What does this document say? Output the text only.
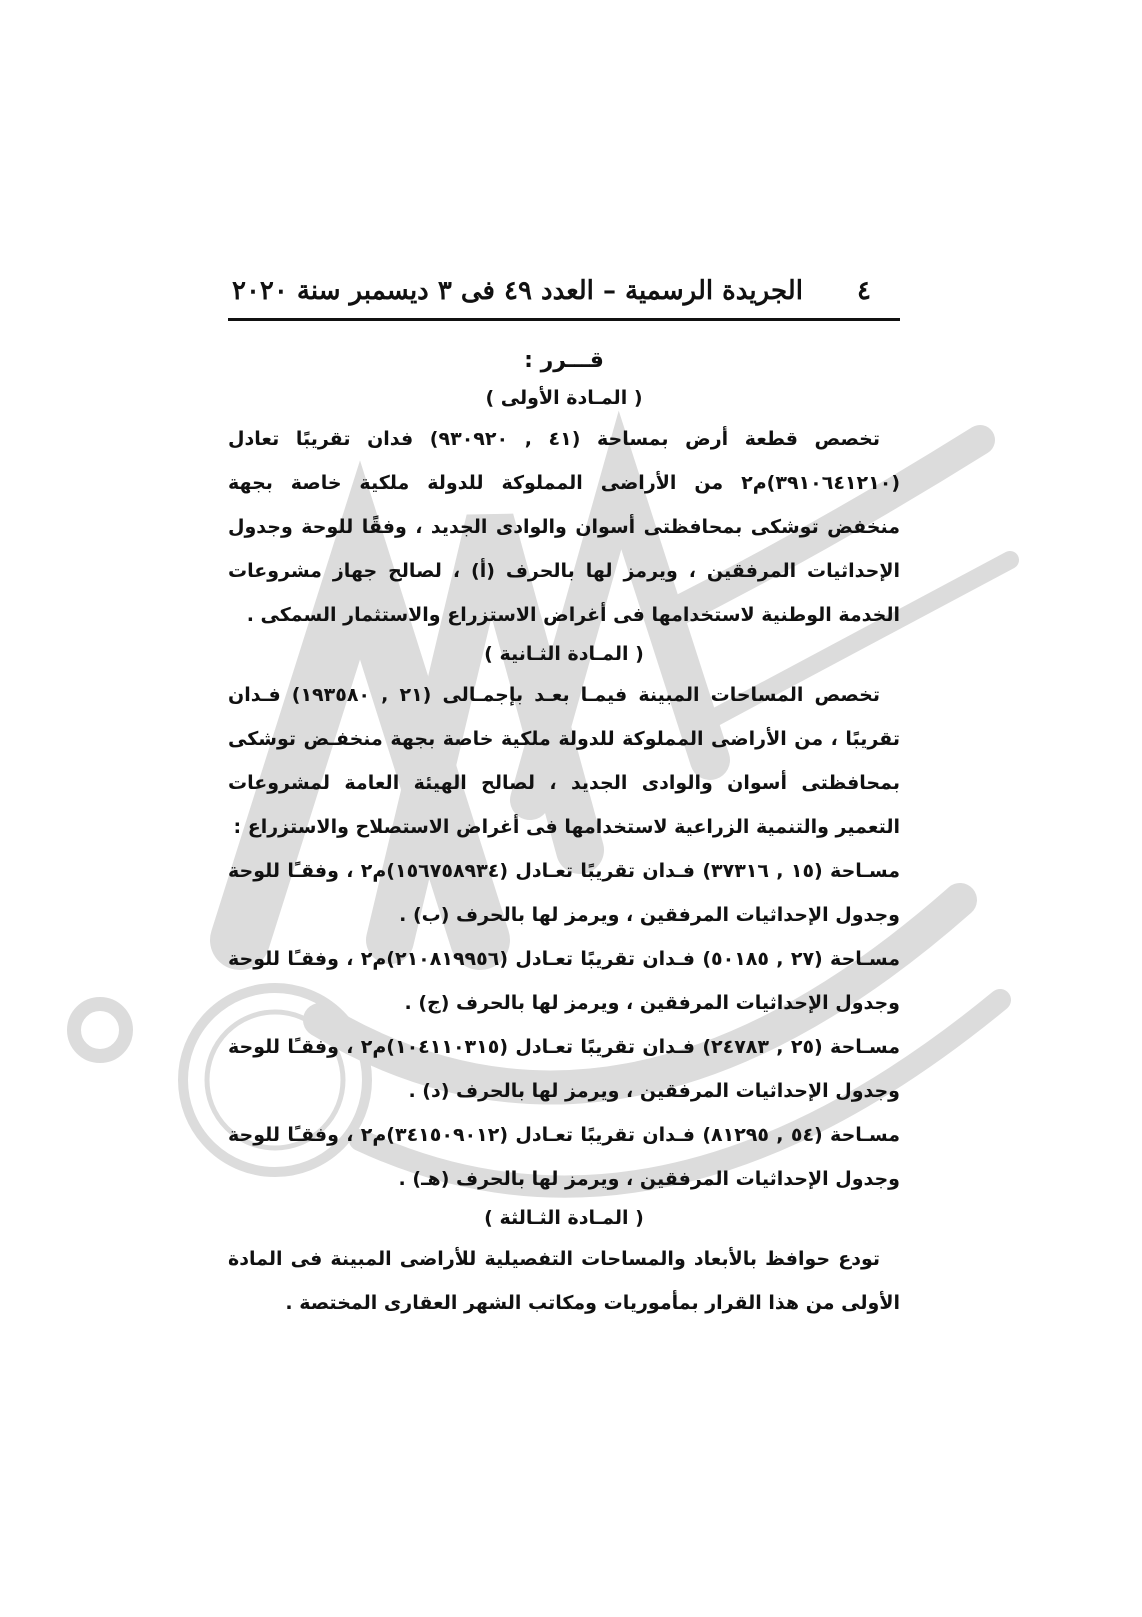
٤
الجريدة الرسمية – العدد ٤٩ فى ٣ ديسمبر سنة ٢٠٢٠
قـــرر :
( المـادة الأولى )

تخصص قطعة أرض بمساحة (٤١ , ٩٣٠٩٢٠) فدان تقريبًا تعادل (٣٩١٠٦٤١٢١٠)م٢ من الأراضى المملوكة للدولة ملكية خاصة بجهة منخفض توشكى بمحافظتى أسوان والوادى الجديد ، وفقًا للوحة وجدول الإحداثيات المرفقين ، ويرمز لها بالحرف (أ) ، لصالح جهاز مشروعات الخدمة الوطنية لاستخدامها فى أغراض الاستزراع والاستثمار السمكى .

( المـادة الثـانية )

تخصص المساحات المبينة فيمـا بعـد بإجمـالى (٢١ , ١٩٣٥٨٠) فـدان تقريبًا ، من الأراضى المملوكة للدولة ملكية خاصة بجهة منخفـض توشكى بمحافظتى أسوان والوادى الجديد ، لصالح الهيئة العامة لمشروعات التعمير والتنمية الزراعية لاستخدامها فى أغراض الاستصلاح والاستزراع :

مسـاحة (١٥ , ٣٧٣١٦) فـدان تقريبًا تعـادل (١٥٦٧٥٨٩٣٤)م٢ ، وفقـًا للوحة وجدول الإحداثيات المرفقين ، ويرمز لها بالحرف (ب) .

مسـاحة (٢٧ , ٥٠١٨٥) فـدان تقريبًا تعـادل (٢١٠٨١٩٩٥٦)م٢ ، وفقـًا للوحة وجدول الإحداثيات المرفقين ، ويرمز لها بالحرف (ج) .

مسـاحة (٢٥ , ٢٤٧٨٣) فـدان تقريبًا تعـادل (١٠٤١١٠٣١٥)م٢ ، وفقـًا للوحة وجدول الإحداثيات المرفقين ، ويرمز لها بالحرف (د) .

مسـاحة (٥٤ , ٨١٢٩٥) فـدان تقريبًا تعـادل (٣٤١٥٠٩٠١٢)م٢ ، وفقـًا للوحة وجدول الإحداثيات المرفقين ، ويرمز لها بالحرف (هـ) .

( المـادة الثـالثة )

تودع حوافظ بالأبعاد والمساحات التفصيلية للأراضى المبينة فى المادة الأولى من هذا القرار بمأموريات ومكاتب الشهر العقارى المختصة .
